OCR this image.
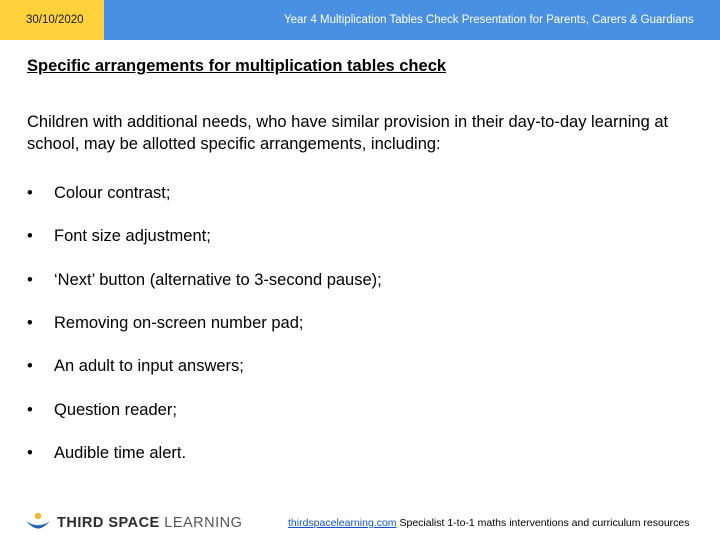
30/10/2020	Year 4 Multiplication Tables Check Presentation for Parents, Carers & Guardians
Specific arrangements for multiplication tables check
Children with additional needs, who have similar provision in their day-to-day learning at school, may be allotted specific arrangements, including:
• Colour contrast;
• Font size adjustment;
• ‘Next’ button (alternative to 3-second pause);
• Removing on-screen number pad;
• An adult to input answers;
• Question reader;
• Audible time alert.
THIRD SPACE LEARNING	thirdspacelearning.com Specialist 1-to-1 maths interventions and curriculum resources
